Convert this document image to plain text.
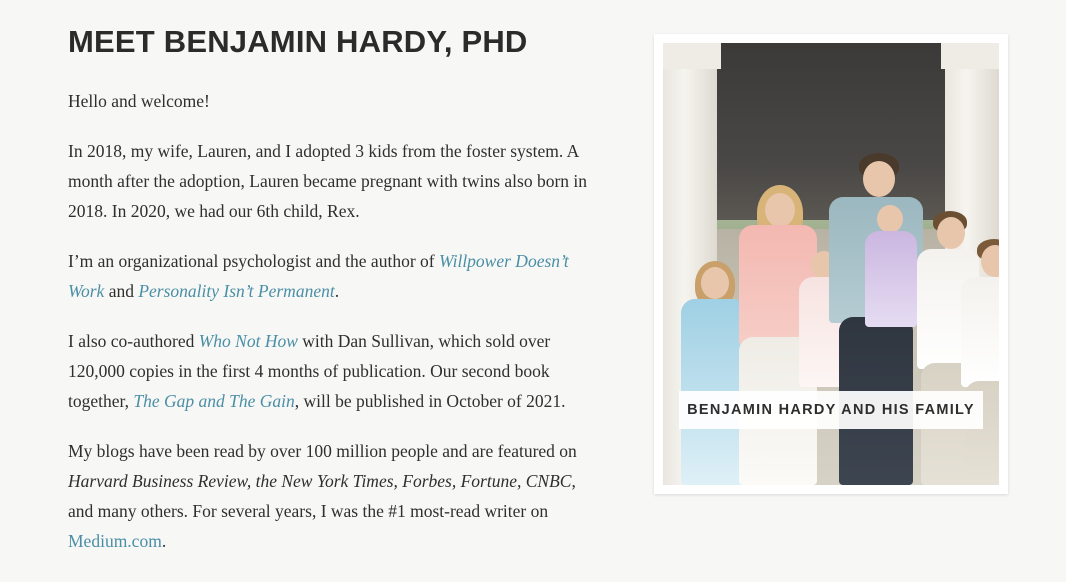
MEET BENJAMIN HARDY, PHD

Hello and welcome!

In 2018, my wife, Lauren, and I adopted 3 kids from the foster system. A month after the adoption, Lauren became pregnant with twins also born in 2018. In 2020, we had our 6th child, Rex.

I’m an organizational psychologist and the author of Willpower Doesn’t Work and Personality Isn’t Permanent.

I also co-authored Who Not How with Dan Sullivan, which sold over 120,000 copies in the first 4 months of publication. Our second book together, The Gap and The Gain, will be published in October of 2021.

My blogs have been read by over 100 million people and are featured on Harvard Business Review, the New York Times, Forbes, Fortune, CNBC, and many others. For several years, I was the #1 most-read writer on Medium.com.

BENJAMIN HARDY AND HIS FAMILY
